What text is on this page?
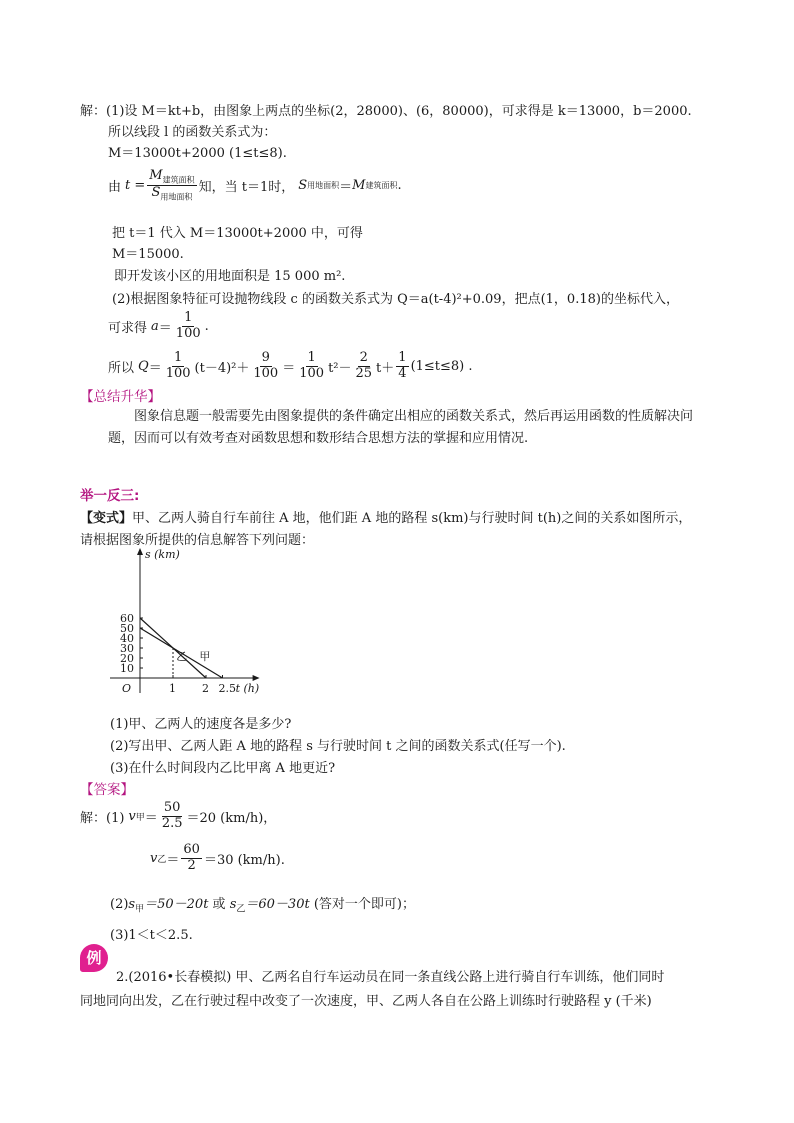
解：(1)设 M＝kt+b，由图象上两点的坐标(2，28000)、(6，80000)，可求得是 k＝13000，b＝2000.
所以线段 l 的函数关系式为：
M＝13000t+2000 (1≤t≤8).
由 $t = \frac{M_{建筑面积}}{S_{用地面积}}$ 知，当 t＝1时， S 用地面积 ＝ M 建筑面积 .
把 t＝1 代入 M＝13000t+2000 中，可得
M＝15000.
即开发该小区的用地面积是 15 000 m².
(2)根据图象特征可设抛物线段 c 的函数关系式为 Q＝a(t-4)²+0.09，把点(1，0.18)的坐标代入，
可求得 $a = \frac{1}{100}$ .
所以 $Q = \frac{1}{100} (t-4)^2+ \frac{9}{100} = \frac{1}{100} t^2- \frac{2}{25} t+ \frac{1}{4} (1\le t\le 8)$ .
【总结升华】
图象信息题一般需要先由图象提供的条件确定出相应的函数关系式，然后再运用函数的性质解决问题，因而可以有效考查对函数思想和数形结合思想方法的掌握和应用情况.
举一反三:
【变式】甲、乙两人骑自行车前往 A 地，他们距 A 地的路程 s(km)与行驶时间 t(h)之间的关系如图所示，
请根据图象所提供的信息解答下列问题：
s (km)
t (h)
O
10
20
30
40
50
60
1 2 2.5
甲
乙
(1)甲、乙两人的速度各是多少?
(2)写出甲、乙两人距 A 地的路程 s 与行驶时间 t 之间的函数关系式(任写一个).
(3)在什么时间段内乙比甲离 A 地更近?
【答案】
解：(1) v 甲 ＝ $\frac{50}{2.5} =20$ (km/h)，
v 乙 ＝ $\frac{60}{2} =30$ (km/h).
$(2)s_甲=50-20t$ 或 $s_乙=60-30t$ (答对一个即可)；
(3)1＜t＜2.5.
例
2.(2016•长春模拟) 甲、乙两名自行车运动员在同一条直线公路上进行骑自行车训练，他们同时
同地同向出发，乙在行驶过程中改变了一次速度，甲、乙两人各自在公路上训练时行驶路程 y (千米)
